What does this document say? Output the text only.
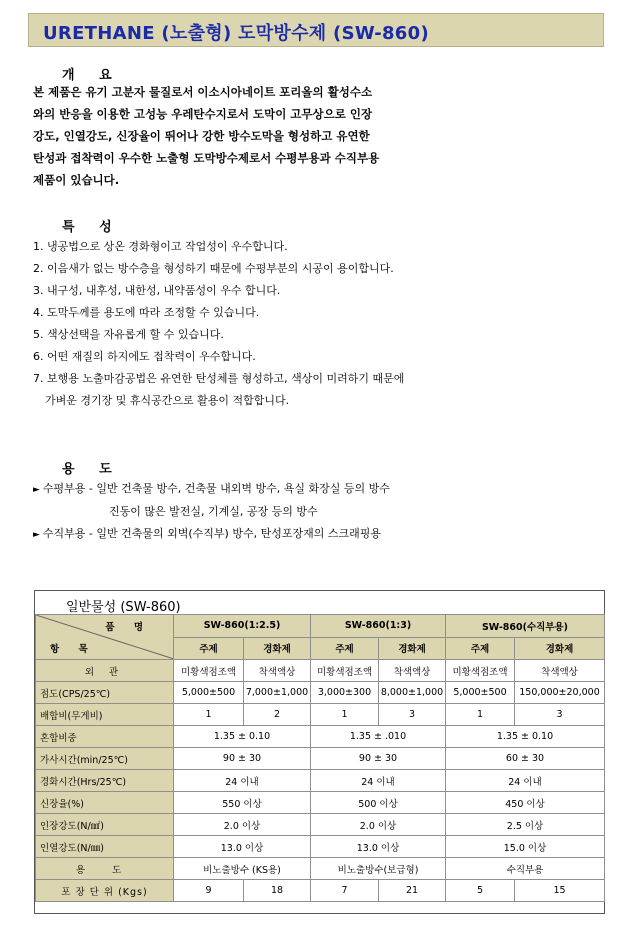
URETHANE (노출형) 도막방수제 (SW-860)
개 요
본 제품은 유기 고분자 물질로서 이소시아네이트 포리올의 활성수소
와의 반응을 이용한 고성능 우레탄수지로서 도막이 고무상으로 인장
강도, 인열강도, 신장율이 뛰어나 강한 방수도막을 형성하고 유연한
탄성과 접착력이 우수한 노출형 도막방수제로서 수평부용과 수직부용
제품이 있습니다.
특 성
1. 냉공법으로 상온 경화형이고 작업성이 우수합니다.
2. 이음새가 없는 방수층을 형성하기 때문에 수평부분의 시공이 용이합니다.
3. 내구성, 내후성, 내한성, 내약품성이 우수 합니다.
4. 도막두께를 용도에 따라 조정할 수 있습니다.
5. 색상선택을 자유롭게 할 수 있습니다.
6. 어떤 재질의 하지에도 접착력이 우수합니다.
7. 보행용 노출마감공법은 유연한 탄성체를 형성하고, 색상이 미려하기 때문에
가벼운 경기장 및 휴식공간으로 활용이 적합합니다.
용 도
► 수평부용 - 일반 건축물 방수, 건축물 내외벽 방수, 욕실 화장실 등의 방수
진동이 많은 발전실, 기계실, 공장 등의 방수
► 수직부용 - 일반 건축물의 외벽(수직부) 방수, 탄성포장재의 스크래핑용
일반물성 (SW-860)
품 명
항 목	SW-860(1:2.5)		SW-860(1:3)		SW-860(수직부용)	
	주제	경화제	주제	경화제	주제	경화제
외 관	미황색점조액	착색액상	미황색점조액	착색액상	미황색점조액	착색액상
점도(CPS/25℃)	5,000±500	7,000±1,000	3,000±300	8,000±1,000	5,000±500	150,000±20,000
배합비(무게비)	1	2	1	3	1	3
혼합비중	1.35 ± 0.10		1.35 ± .010		1.35 ± 0.10	
가사시간(min/25℃)	90 ± 30		90 ± 30		60 ± 30	
경화시간(Hrs/25℃)	24 이내		24 이내		24 이내	
신장율(%)	550 이상		500 이상		450 이상	
인장강도(N/㎟)	2.0 이상		2.0 이상		2.5 이상	
인열강도(N/㎜)	13.0 이상		13.0 이상		15.0 이상	
용 도	비노출방수 (KS용)		비노출방수(보급형)		수직부용	
포 장 단 위 (Kgs)	9	18	7	21	5	15
